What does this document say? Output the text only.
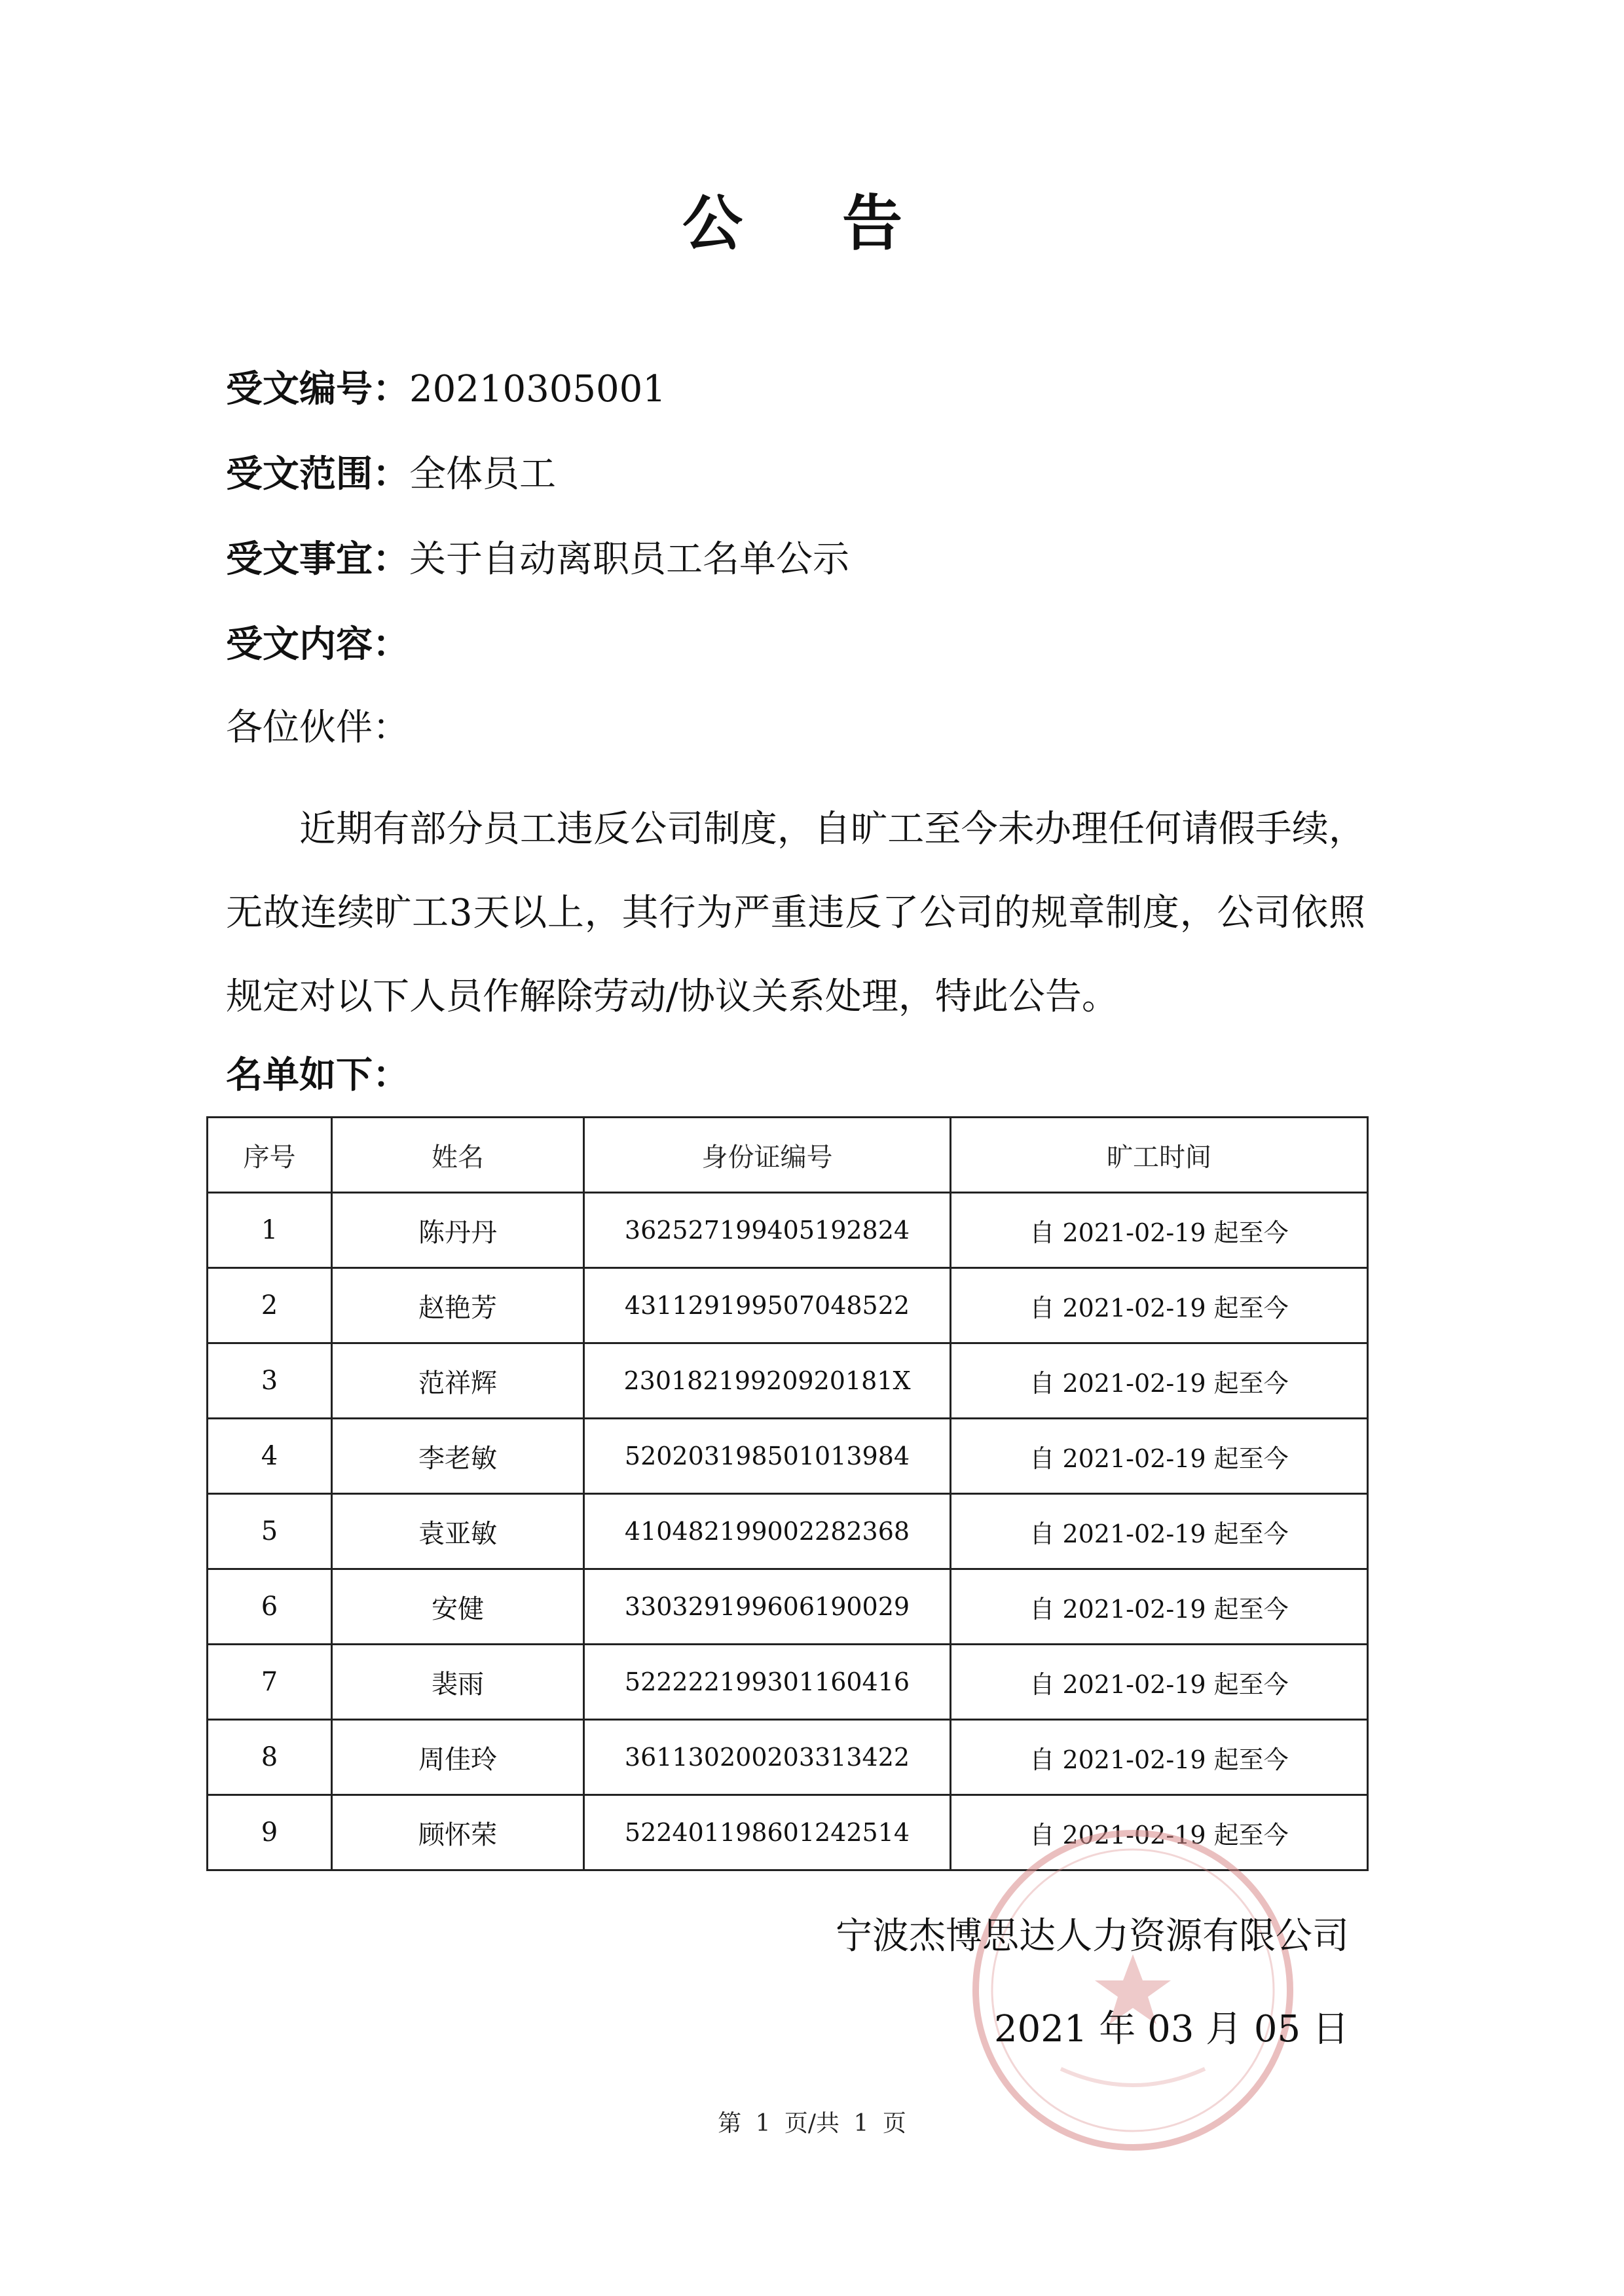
公 告
受文编号：20210305001
受文范围：全体员工
受文事宜：关于自动离职员工名单公示
受文内容：
各位伙伴：
近期有部分员工违反公司制度，自旷工至今未办理任何请假手续，无故连续旷工3天以上，其行为严重违反了公司的规章制度，公司依照规定对以下人员作解除劳动/协议关系处理，特此公告。
名单如下：
序号	姓名	身份证编号	旷工时间
1	陈丹丹	362527199405192824	自 2021-02-19 起至今
2	赵艳芳	431129199507048522	自 2021-02-19 起至今
3	范祥辉	23018219920920181X	自 2021-02-19 起至今
4	李老敏	520203198501013984	自 2021-02-19 起至今
5	袁亚敏	410482199002282368	自 2021-02-19 起至今
6	安健	330329199606190029	自 2021-02-19 起至今
7	裴雨	522222199301160416	自 2021-02-19 起至今
8	周佳玲	361130200203313422	自 2021-02-19 起至今
9	顾怀荣	522401198601242514	自 2021-02-19 起至今
宁波杰博思达人力资源有限公司
2021 年 03 月 05 日
第 1 页/共 1 页
